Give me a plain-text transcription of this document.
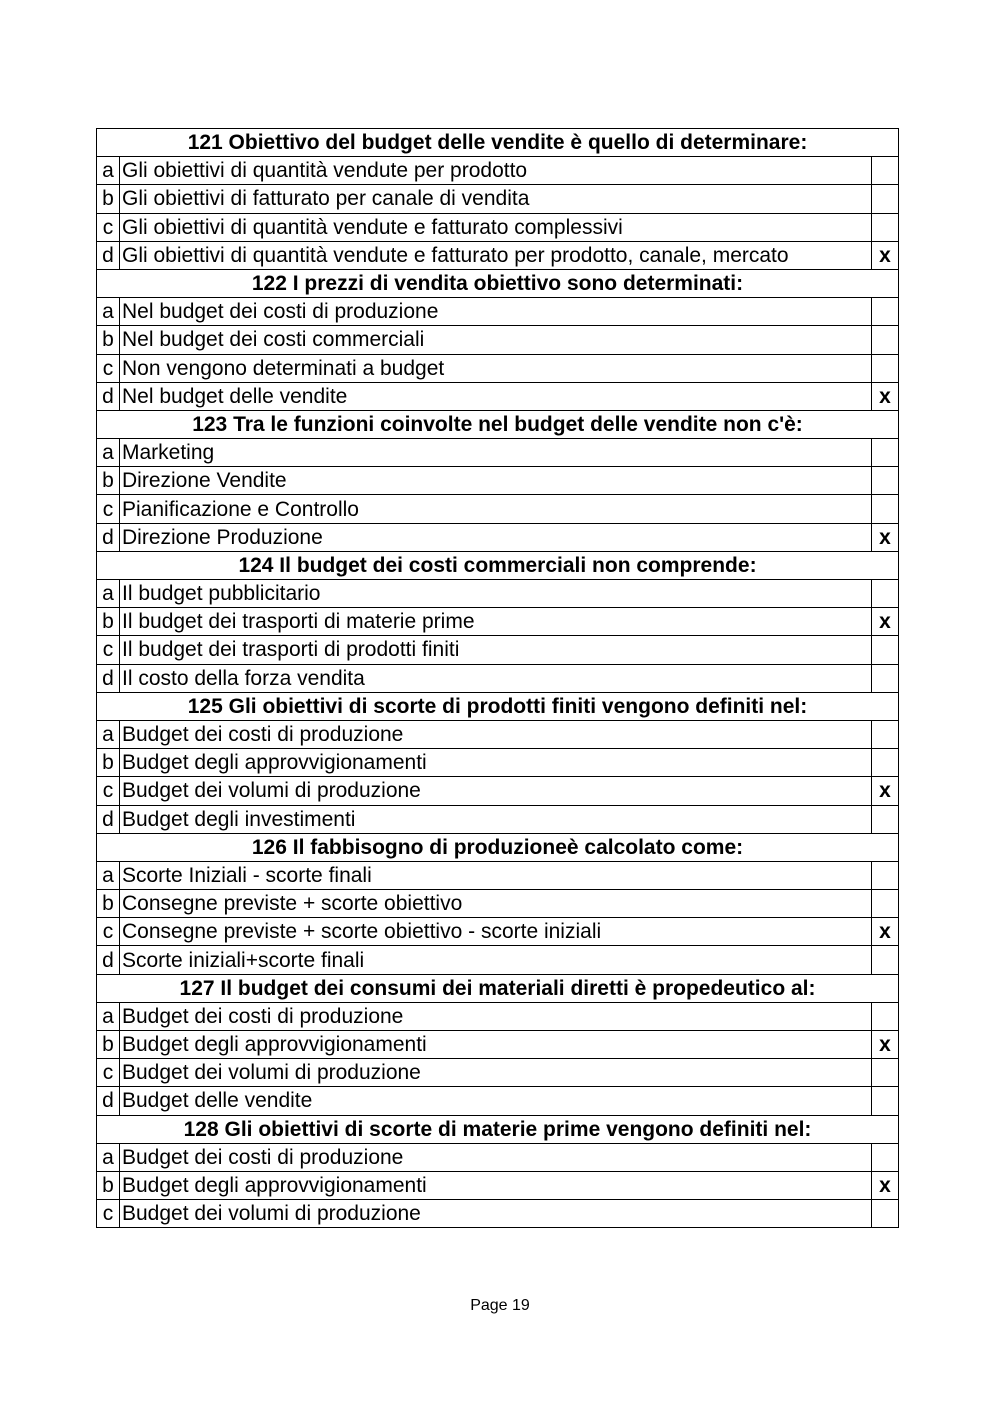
121 Obiettivo del budget delle vendite è quello di determinare:		
a	Gli obiettivi di quantità vendute per prodotto	
b	Gli obiettivi di fatturato per canale di vendita	
c	Gli obiettivi di quantità vendute e fatturato complessivi	
d	Gli obiettivi di quantità vendute e fatturato per prodotto, canale, mercato	x
122 I prezzi di vendita obiettivo sono determinati:		
a	Nel budget dei costi di produzione	
b	Nel budget dei costi commerciali	
c	Non vengono determinati a budget	
d	Nel budget delle vendite	x
123 Tra le funzioni coinvolte nel budget delle vendite non c'è:		
a	Marketing	
b	Direzione Vendite	
c	Pianificazione e Controllo	
d	Direzione Produzione	x
124 Il budget dei costi commerciali non comprende:		
a	Il budget pubblicitario	
b	Il budget dei trasporti di materie prime	x
c	Il budget dei trasporti di prodotti finiti	
d	Il costo della forza vendita	
125 Gli obiettivi di scorte di prodotti finiti vengono definiti nel:		
a	Budget dei costi di produzione	
b	Budget degli approvvigionamenti	
c	Budget dei volumi di produzione	x
d	Budget degli investimenti	
126 Il fabbisogno di produzioneè calcolato come:		
a	Scorte Iniziali - scorte finali	
b	Consegne previste + scorte obiettivo	
c	Consegne previste + scorte obiettivo - scorte iniziali	x
d	Scorte iniziali+scorte finali	
127 Il budget dei consumi dei materiali diretti è propedeutico al:		
a	Budget dei costi di produzione	
b	Budget degli approvvigionamenti	x
c	Budget dei volumi di produzione	
d	Budget delle vendite	
128 Gli obiettivi di scorte di materie prime vengono definiti nel:		
a	Budget dei costi di produzione	
b	Budget degli approvvigionamenti	x
c	Budget dei volumi di produzione	
Page 19
